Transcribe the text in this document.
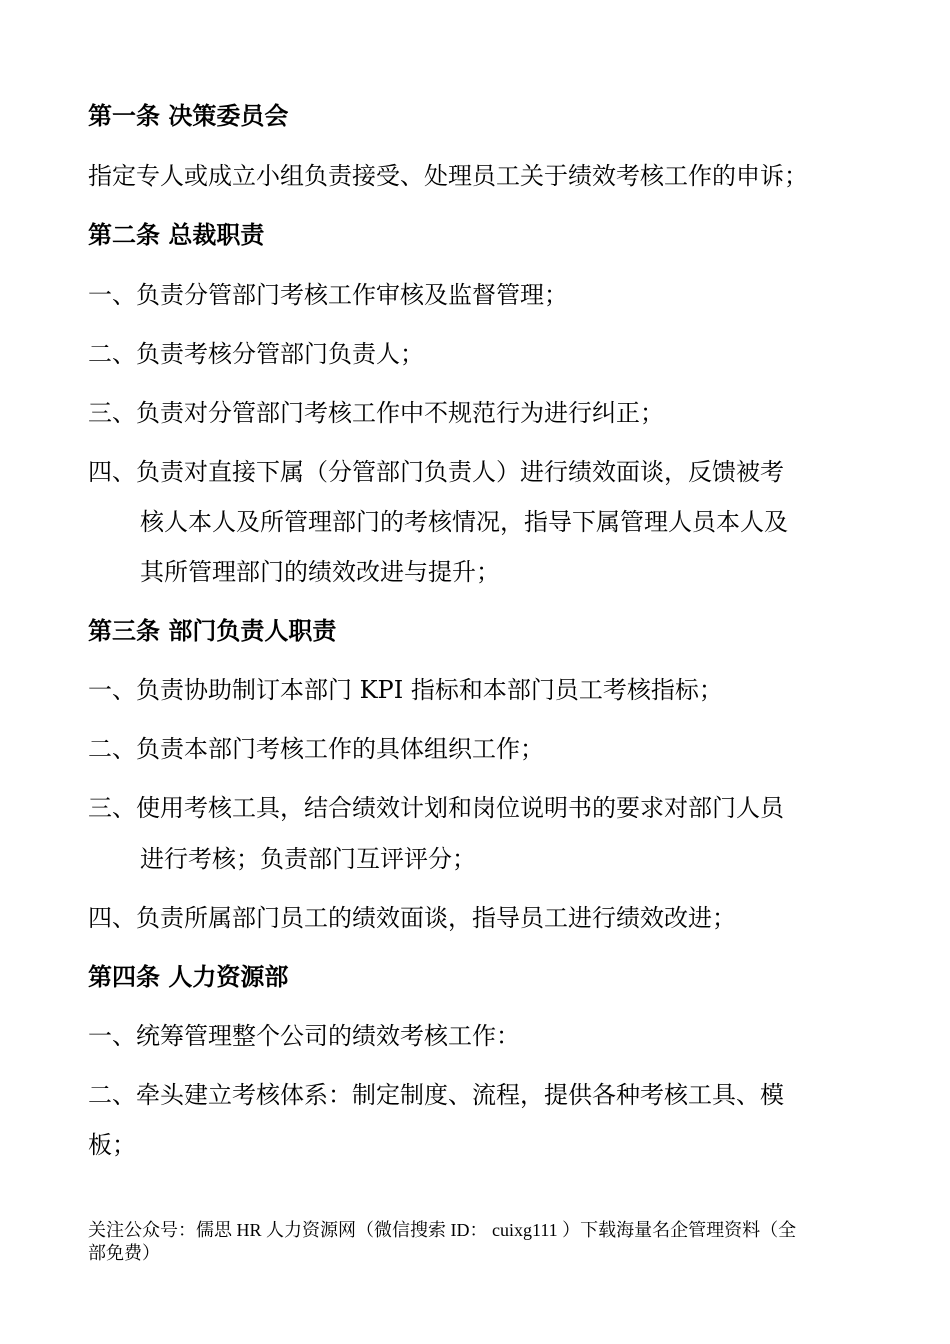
第一条 决策委员会
指定专人或成立小组负责接受、处理员工关于绩效考核工作的申诉；
第二条 总裁职责
一、负责分管部门考核工作审核及监督管理；
二、负责考核分管部门负责人；
三、负责对分管部门考核工作中不规范行为进行纠正；
四、负责对直接下属（分管部门负责人）进行绩效面谈，反馈被考
核人本人及所管理部门的考核情况，指导下属管理人员本人及
其所管理部门的绩效改进与提升；
第三条 部门负责人职责
一、负责协助制订本部门 KPI 指标和本部门员工考核指标；
二、负责本部门考核工作的具体组织工作；
三、使用考核工具，结合绩效计划和岗位说明书的要求对部门人员
进行考核；负责部门互评评分；
四、负责所属部门员工的绩效面谈，指导员工进行绩效改进；
第四条 人力资源部
一、统筹管理整个公司的绩效考核工作：
二、牵头建立考核体系：制定制度、流程，提供各种考核工具、模
板；
关注公众号：儒思 HR 人力资源网（微信搜索 ID： cuixg111 ）下载海量名企管理资料（全
部免费）
